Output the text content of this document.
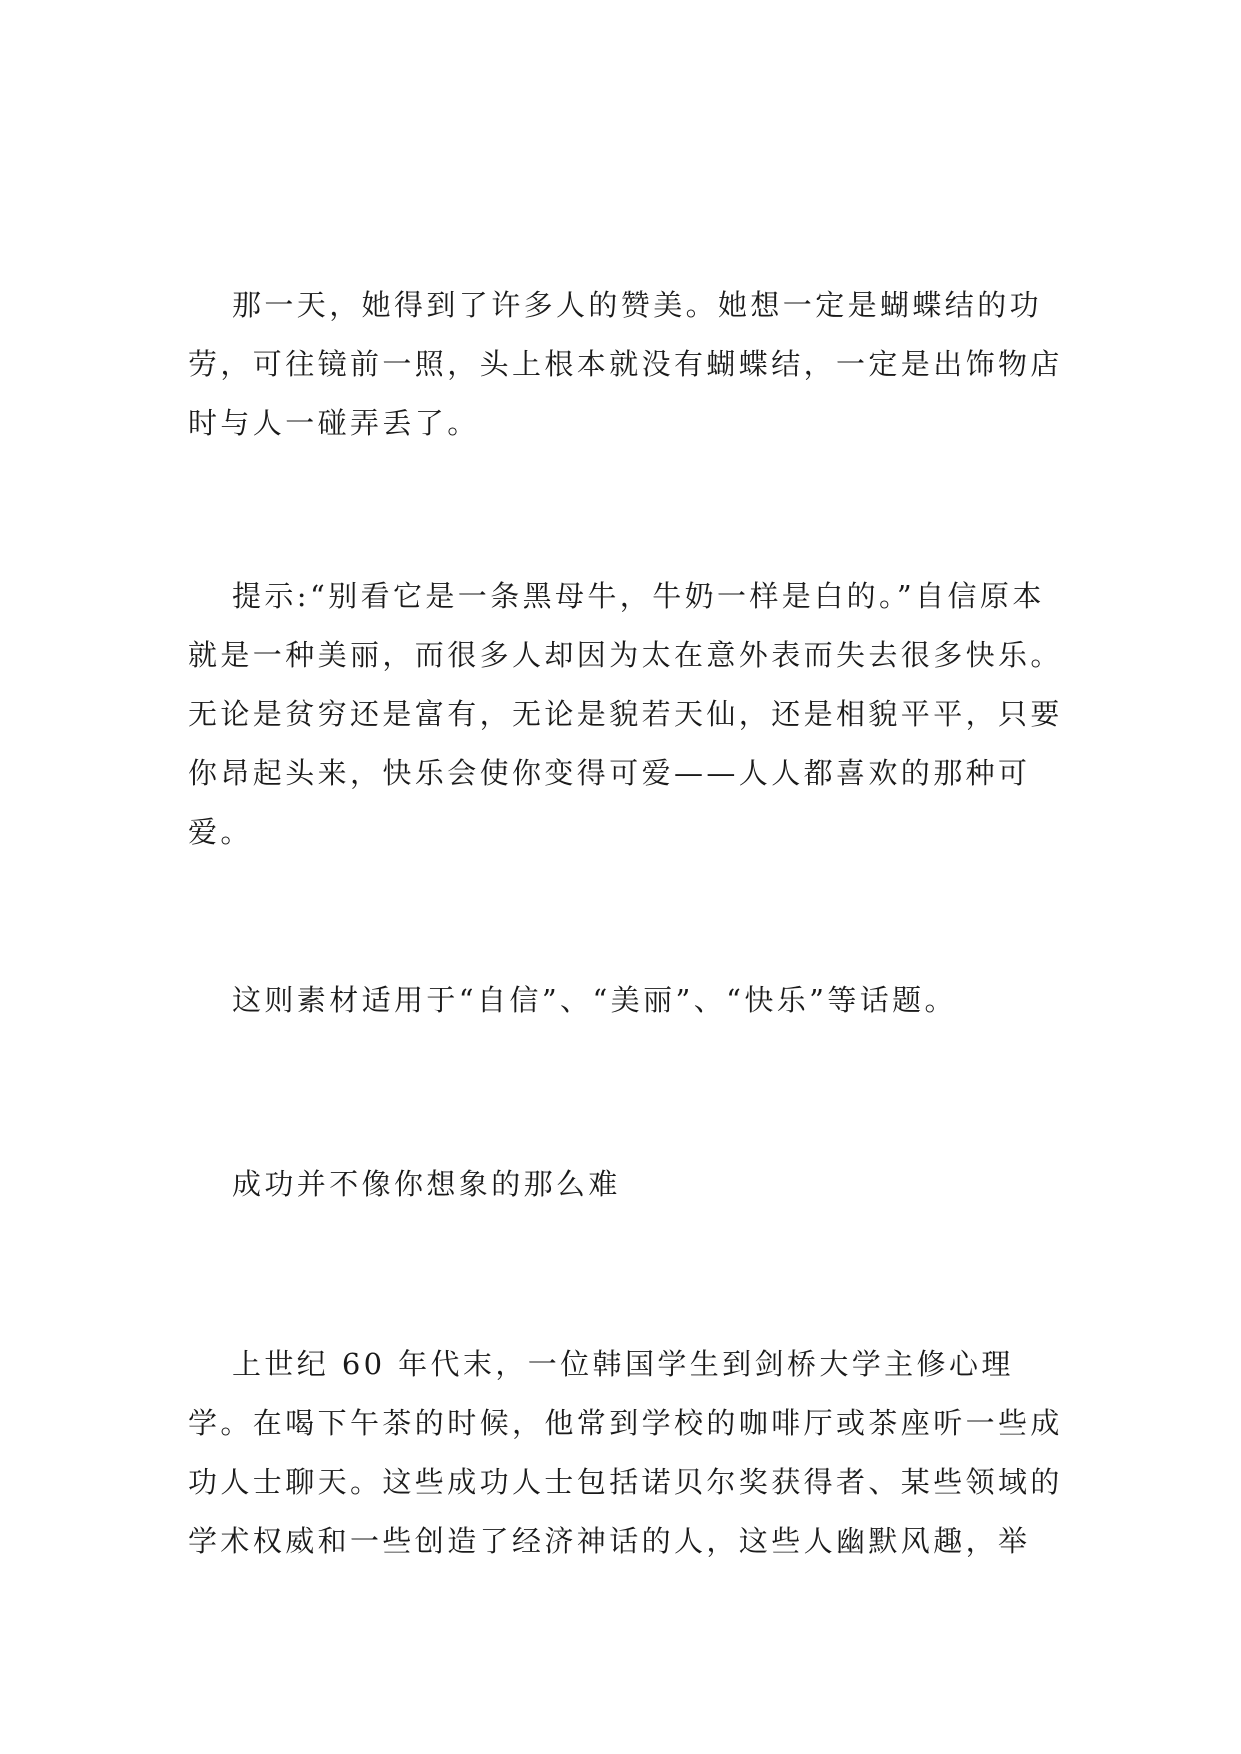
那一天，她得到了许多人的赞美。她想一定是蝴蝶结的功劳，可往镜前一照，头上根本就没有蝴蝶结，一定是出饰物店时与人一碰弄丢了。

提示:“别看它是一条黑母牛，牛奶一样是白的。”自信原本就是一种美丽，而很多人却因为太在意外表而失去很多快乐。 无论是贫穷还是富有，无论是貌若天仙，还是相貌平平，只要你昂起头来，快乐会使你变得可爱——人人都喜欢的那种可爱。

这则素材适用于“自信”、“美丽”、“快乐”等话题。

成功并不像你想象的那么难

上世纪 60 年代末，一位韩国学生到剑桥大学主修心理学。在喝下午茶的时候，他常到学校的咖啡厅或茶座听一些成功人士聊天。这些成功人士包括诺贝尔奖获得者、某些领域的学术权威和一些创造了经济神话的人，这些人幽默风趣，举
